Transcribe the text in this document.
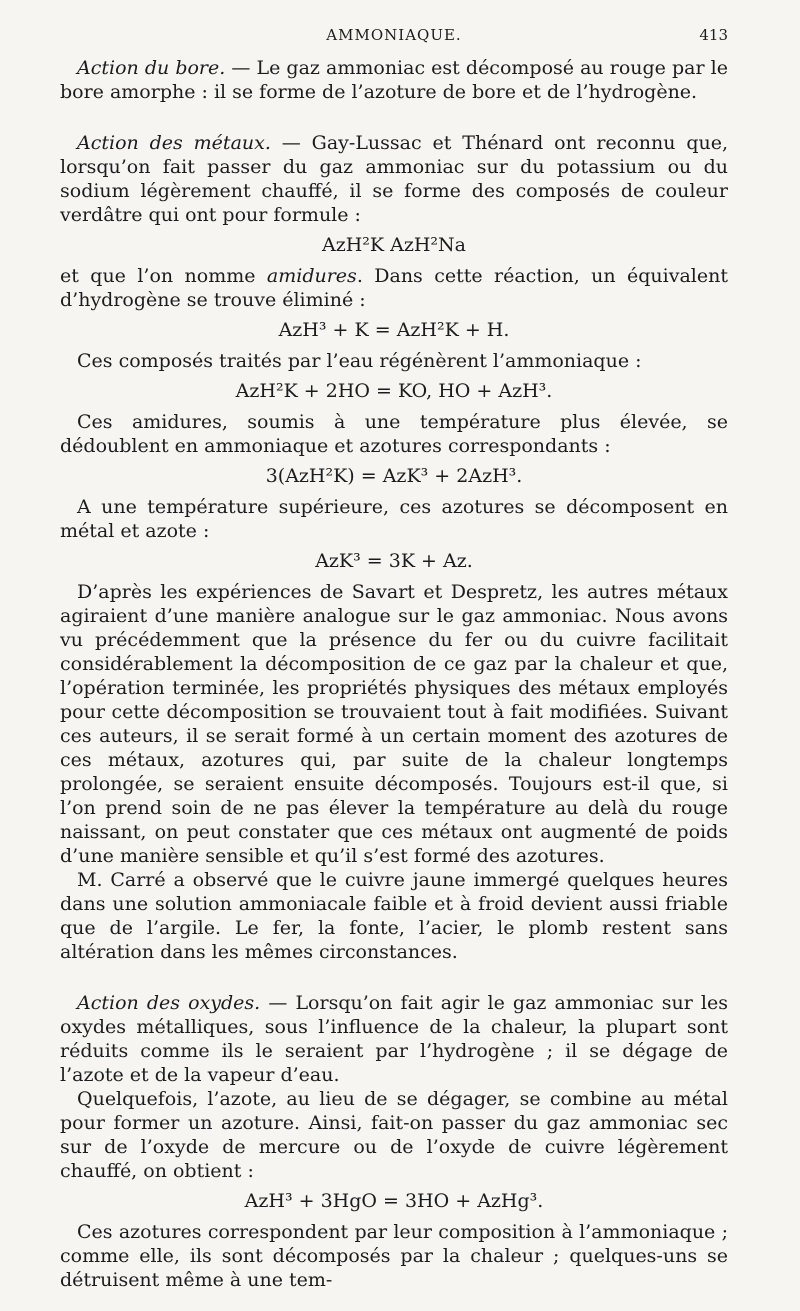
AMMONIAQUE.	413

Action du bore. — Le gaz ammoniac est décomposé au rouge par le bore amorphe : il se forme de l’azoture de bore et de l’hydrogène.

Action des métaux. — Gay-Lussac et Thénard ont reconnu que, lorsqu’on fait passer du gaz ammoniac sur du potassium ou du sodium légèrement chauffé, il se forme des composés de couleur verdâtre qui ont pour formule :

AzH²K AzH²Na

et que l’on nomme amidures. Dans cette réaction, un équivalent d’hydrogène se trouve éliminé :

AzH³ + K = AzH²K + H.

Ces composés traités par l’eau régénèrent l’ammoniaque :

AzH²K + 2HO = KO, HO + AzH³.

Ces amidures, soumis à une température plus élevée, se dédoublent en ammoniaque et azotures correspondants :

3(AzH²K) = AzK³ + 2AzH³.

A une température supérieure, ces azotures se décomposent en métal et azote :

AzK³ = 3K + Az.

D’après les expériences de Savart et Despretz, les autres métaux agiraient d’une manière analogue sur le gaz ammoniac. Nous avons vu précédemment que la présence du fer ou du cuivre facilitait considérablement la décomposition de ce gaz par la chaleur et que, l’opération terminée, les propriétés physiques des métaux employés pour cette décomposition se trouvaient tout à fait modifiées. Suivant ces auteurs, il se serait formé à un certain moment des azotures de ces métaux, azotures qui, par suite de la chaleur longtemps prolongée, se seraient ensuite décomposés. Toujours est-il que, si l’on prend soin de ne pas élever la température au delà du rouge naissant, on peut constater que ces métaux ont augmenté de poids d’une manière sensible et qu’il s’est formé des azotures.

M. Carré a observé que le cuivre jaune immergé quelques heures dans une solution ammoniacale faible et à froid devient aussi friable que de l’argile. Le fer, la fonte, l’acier, le plomb restent sans altération dans les mêmes circonstances.

Action des oxydes. — Lorsqu’on fait agir le gaz ammoniac sur les oxydes métalliques, sous l’influence de la chaleur, la plupart sont réduits comme ils le seraient par l’hydrogène ; il se dégage de l’azote et de la vapeur d’eau.

Quelquefois, l’azote, au lieu de se dégager, se combine au métal pour former un azoture. Ainsi, fait-on passer du gaz ammoniac sec sur de l’oxyde de mercure ou de l’oxyde de cuivre légèrement chauffé, on obtient :

AzH³ + 3HgO = 3HO + AzHg³.

Ces azotures correspondent par leur composition à l’ammoniaque ; comme elle, ils sont décomposés par la chaleur ; quelques-uns se détruisent même à une tem-
